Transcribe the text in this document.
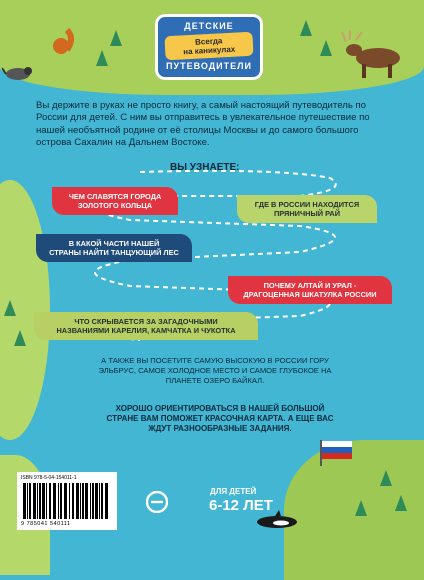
ДЕТСКИЕ
Всегда
на каникулах
ПУТЕВОДИТЕЛИ
Вы держите в руках не просто книгу, а самый настоящий путеводитель по России для детей. С ним вы отправитесь в увлекательное путешествие по нашей необъятной родине от её столицы Москвы и до самого большого острова Сахалин на Дальнем Востоке.
ВЫ УЗНАЕТЕ:
ЧЕМ СЛАВЯТСЯ ГОРОДА
ЗОЛОТОГО КОЛЬЦА	ГДЕ В РОССИИ НАХОДИТСЯ
ПРЯНИЧНЫЙ РАЙ
В КАКОЙ ЧАСТИ НАШЕЙ
СТРАНЫ НАЙТИ ТАНЦУЮЩИЙ ЛЕС
ПОЧЕМУ АЛТАЙ И УРАЛ -
ДРАГОЦЕННАЯ ШКАТУЛКА РОССИИ
ЧТО СКРЫВАЕТСЯ ЗА ЗАГАДОЧНЫМИ
НАЗВАНИЯМИ КАРЕЛИЯ, КАМЧАТКА И ЧУКОТКА
А ТАКЖЕ ВЫ ПОСЕТИТЕ САМУЮ ВЫСОКУЮ В РОССИИ ГОРУ ЭЛЬБРУС, САМОЕ ХОЛОДНОЕ МЕСТО И САМОЕ ГЛУБОКОЕ НА ПЛАНЕТЕ ОЗЕРО БАЙКАЛ.
ХОРОШО ОРИЕНТИРОВАТЬСЯ В НАШЕЙ БОЛЬШОЙ СТРАНЕ ВАМ ПОМОЖЕТ КРАСОЧНАЯ КАРТА. А ЕЩЕ ВАС ЖДУТ РАЗНООБРАЗНЫЕ ЗАДАНИЯ.
ISBN 978-5-04-154011-1
9 785041 540111
ДЛЯ ДЕТЕЙ
6-12 ЛЕТ
